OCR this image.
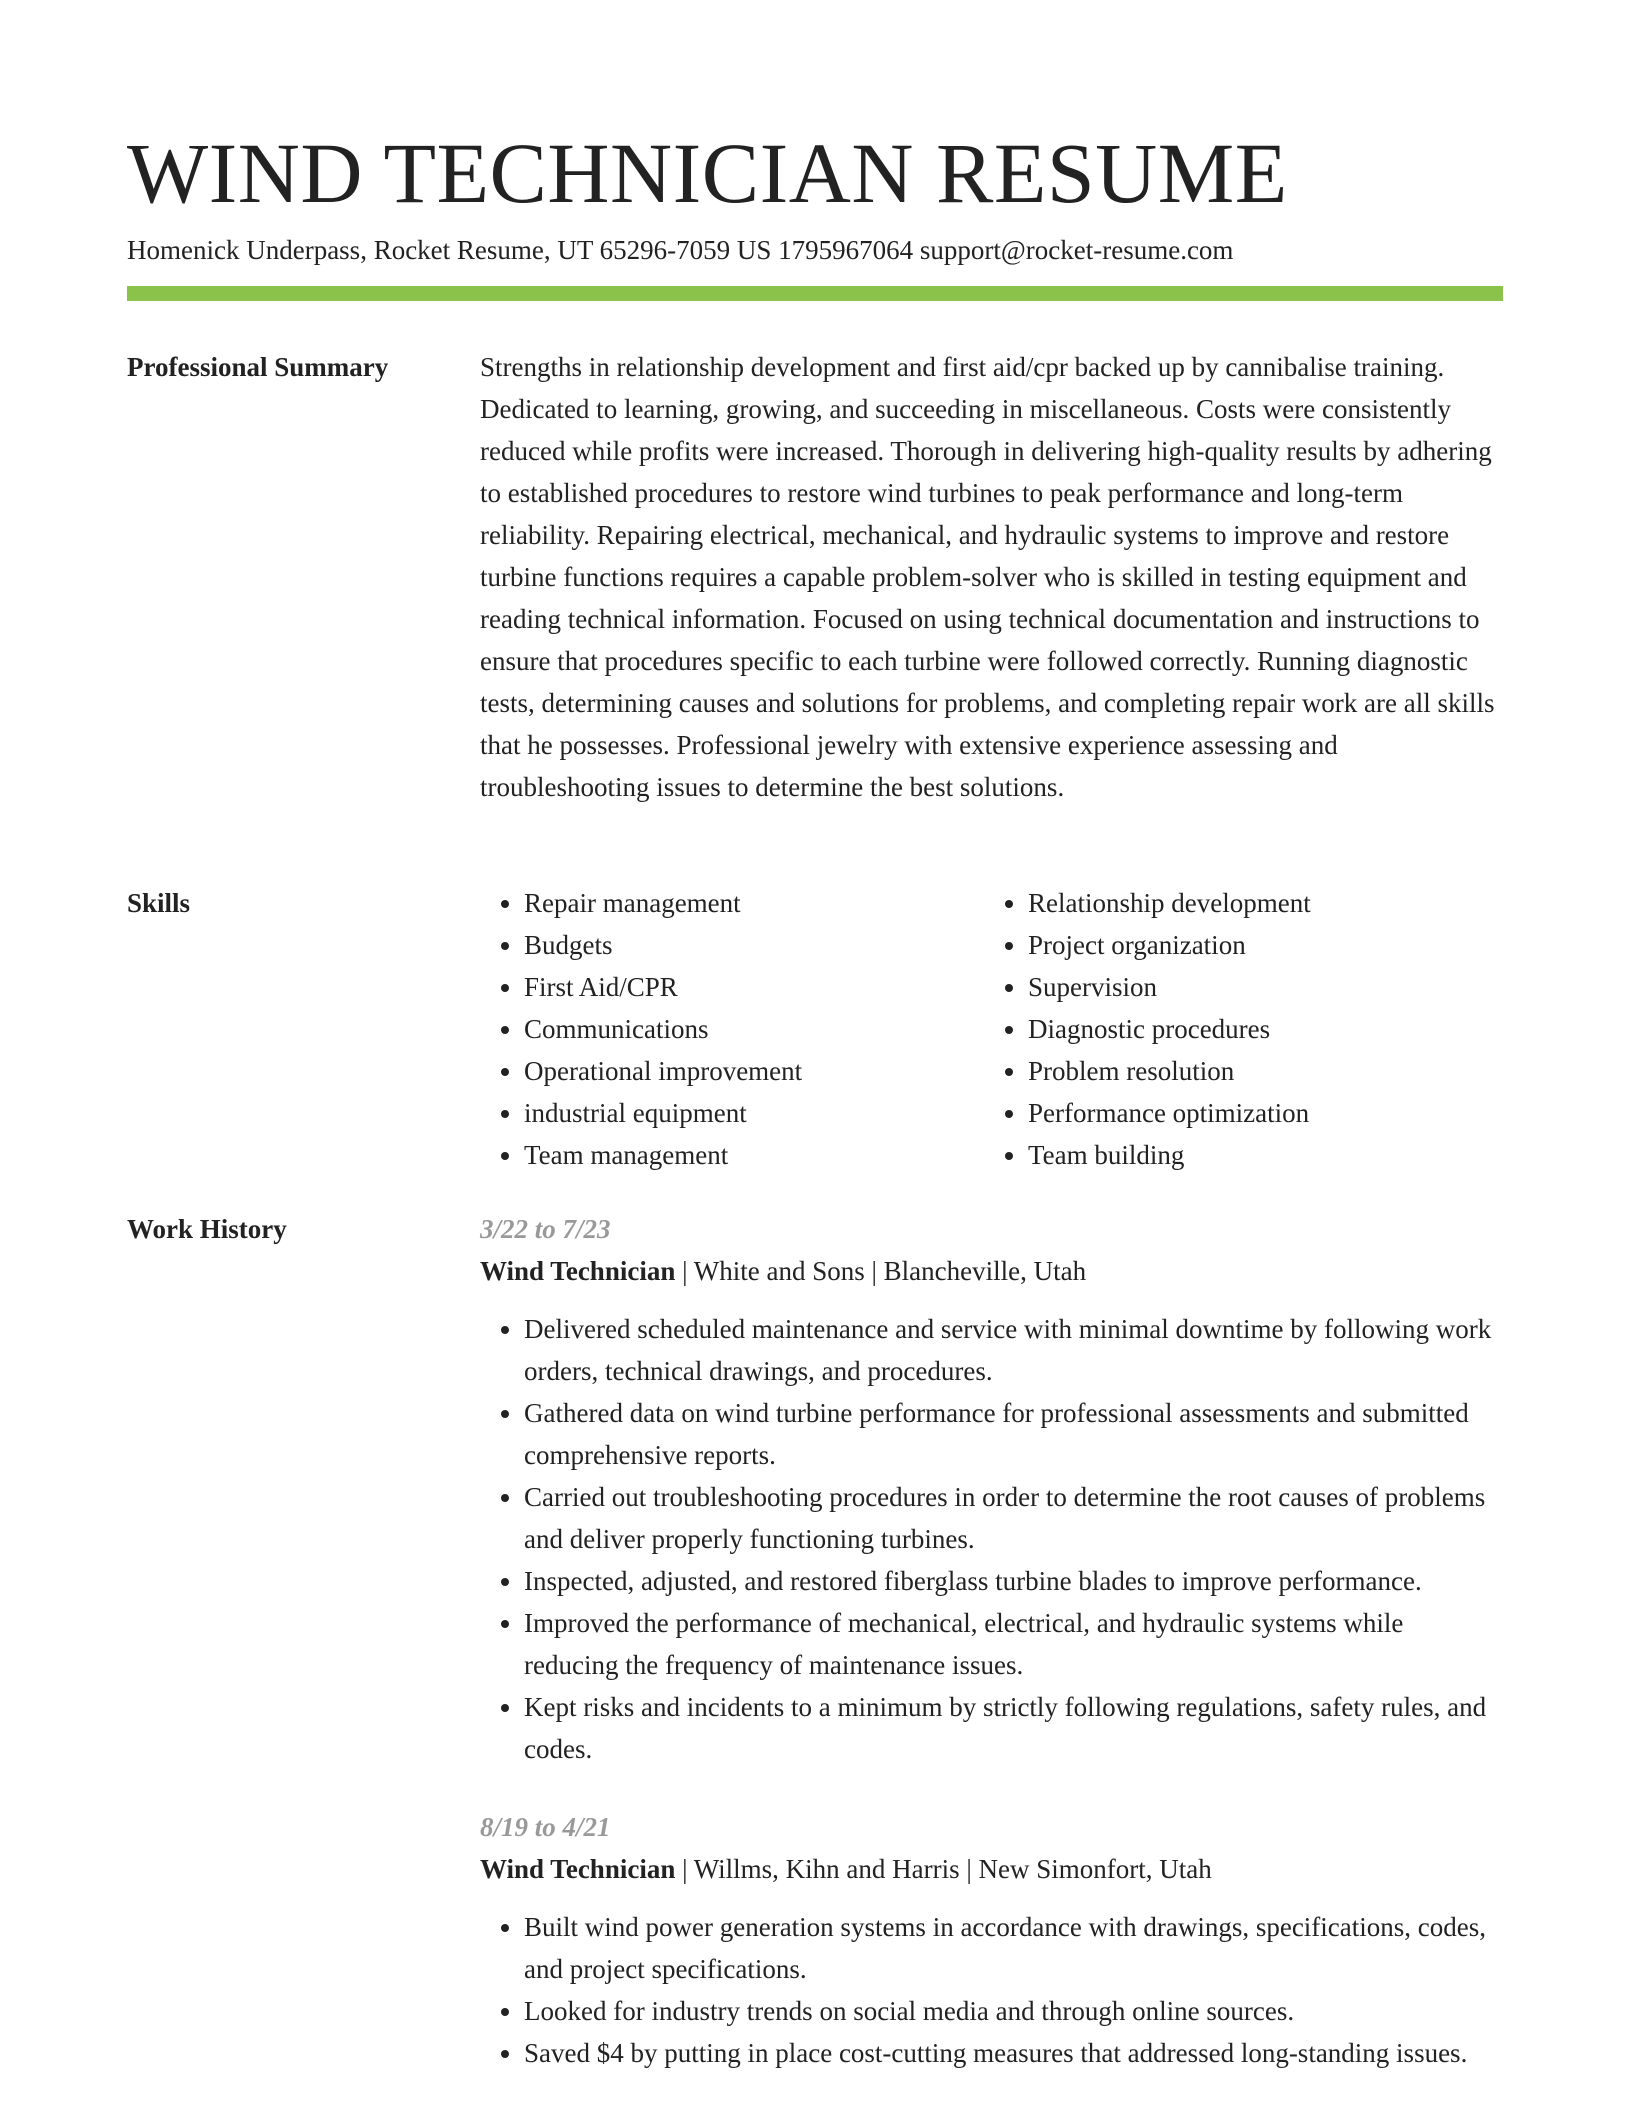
WIND TECHNICIAN RESUME
Homenick Underpass, Rocket Resume, UT 65296-7059 US 1795967064 support@rocket-resume.com
Professional Summary	Strengths in relationship development and first aid/cpr backed up by cannibalise training. Dedicated to learning, growing, and succeeding in miscellaneous. Costs were consistently reduced while profits were increased. Thorough in delivering high-quality results by adhering to established procedures to restore wind turbines to peak performance and long-term reliability. Repairing electrical, mechanical, and hydraulic systems to improve and restore turbine functions requires a capable problem-solver who is skilled in testing equipment and reading technical information. Focused on using technical documentation and instructions to ensure that procedures specific to each turbine were followed correctly. Running diagnostic tests, determining causes and solutions for problems, and completing repair work are all skills that he possesses. Professional jewelry with extensive experience assessing and troubleshooting issues to determine the best solutions.

Skills
•	Repair management
• Budgets
• First Aid/CPR
• Communications
• Operational improvement
• industrial equipment
• Team management
• Relationship development
• Project organization
• Supervision
• Diagnostic procedures
• Problem resolution
• Performance optimization
• Team building
Work History	3/22 to 7/23
Wind Technician | White and Sons | Blancheville, Utah
• Delivered scheduled maintenance and service with minimal downtime by following work orders, technical drawings, and procedures.
• Gathered data on wind turbine performance for professional assessments and submitted comprehensive reports.
• Carried out troubleshooting procedures in order to determine the root causes of problems and deliver properly functioning turbines.
• Inspected, adjusted, and restored fiberglass turbine blades to improve performance.
• Improved the performance of mechanical, electrical, and hydraulic systems while reducing the frequency of maintenance issues.
• Kept risks and incidents to a minimum by strictly following regulations, safety rules, and codes.
8/19 to 4/21
Wind Technician | Willms, Kihn and Harris | New Simonfort, Utah
• Built wind power generation systems in accordance with drawings, specifications, codes, and project specifications.
• Looked for industry trends on social media and through online sources.
• Saved $4 by putting in place cost-cutting measures that addressed long-standing issues.
